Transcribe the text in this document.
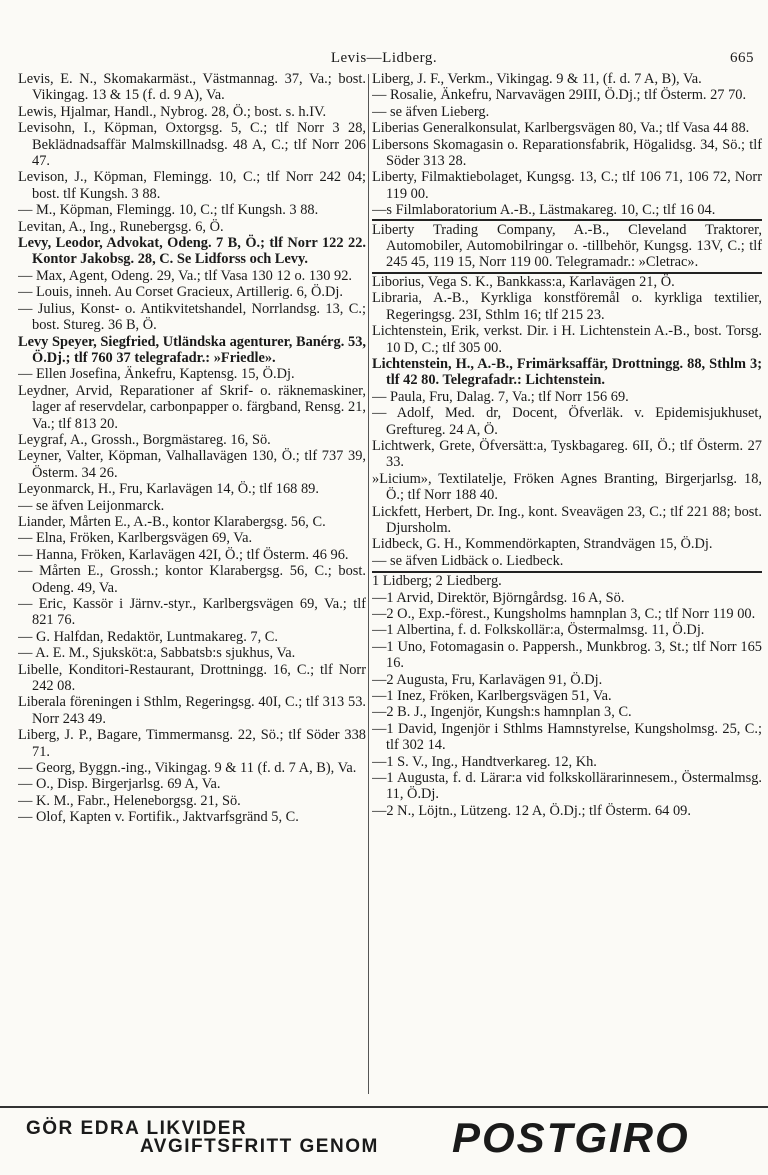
Levis—Lidberg.	665

Levis, E. N., Skomakarmäst., Västmannag. 37, Va.; bost. Vikingag. 13 & 15 (f. d. 9 A), Va.

Lewis, Hjalmar, Handl., Nybrog. 28, Ö.; bost. s. h.IV.

Levisohn, I., Köpman, Oxtorgsg. 5, C.; tlf Norr 3 28, Beklädnadsaffär Malmskillnadsg. 48 A, C.; tlf Norr 206 47.

Levison, J., Köpman, Flemingg. 10, C.; tlf Norr 242 04; bost. tlf Kungsh. 3 88.

— M., Köpman, Flemingg. 10, C.; tlf Kungsh. 3 88.

Levitan, A., Ing., Runebergsg. 6, Ö.

Levy, Leodor, Advokat, Odeng. 7 B, Ö.; tlf Norr 122 22. Kontor Jakobsg. 28, C. Se Lidforss och Levy.

— Max, Agent, Odeng. 29, Va.; tlf Vasa 130 12 o. 130 92.

— Louis, inneh. Au Corset Gracieux, Artillerig. 6, Ö.Dj.

— Julius, Konst- o. Antikvitetshandel, Norrlandsg. 13, C.; bost. Stureg. 36 B, Ö.

Levy Speyer, Siegfried, Utländska agenturer, Banérg. 53, Ö.Dj.; tlf 760 37 telegrafadr.: »Friedle».

— Ellen Josefina, Änkefru, Kaptensg. 15, Ö.Dj.

Leydner, Arvid, Reparationer af Skrif- o. räknemaskiner, lager af reservdelar, carbonpapper o. färgband, Rensg. 21, Va.; tlf 813 20.

Leygraf, A., Grossh., Borgmästareg. 16, Sö.

Leyner, Valter, Köpman, Valhallavägen 130, Ö.; tlf 737 39, Österm. 34 26.

Leyonmarck, H., Fru, Karlavägen 14, Ö.; tlf 168 89.

— se äfven Leijonmarck.

Liander, Mårten E., A.-B., kontor Klarabergsg. 56, C.

— Elna, Fröken, Karlbergsvägen 69, Va.

— Hanna, Fröken, Karlavägen 42I, Ö.; tlf Österm. 46 96.

— Mårten E., Grossh.; kontor Klarabergsg. 56, C.; bost. Odeng. 49, Va.

— Eric, Kassör i Järnv.-styr., Karlbergsvägen 69, Va.; tlf 821 76.

— G. Halfdan, Redaktör, Luntmakareg. 7, C.

— A. E. M., Sjuksköt:a, Sabbatsb:s sjukhus, Va.

Libelle, Konditori-Restaurant, Drottningg. 16, C.; tlf Norr 242 08.

Liberala föreningen i Sthlm, Regeringsg. 40I, C.; tlf 313 53. Norr 243 49.

Liberg, J. P., Bagare, Timmermansg. 22, Sö.; tlf Söder 338 71.

— Georg, Byggn.-ing., Vikingag. 9 & 11 (f. d. 7 A, B), Va.

— O., Disp. Birgerjarlsg. 69 A, Va.

— K. M., Fabr., Heleneborgsg. 21, Sö.

— Olof, Kapten v. Fortifik., Jaktvarfsgränd 5, C.

Liberg, J. F., Verkm., Vikingag. 9 & 11, (f. d. 7 A, B), Va.

— Rosalie, Änkefru, Narvavägen 29III, Ö.Dj.; tlf Österm. 27 70.

— se äfven Lieberg.

Liberias Generalkonsulat, Karlbergsvägen 80, Va.; tlf Vasa 44 88.

Libersons Skomagasin o. Reparationsfabrik, Högalidsg. 34, Sö.; tlf Söder 313 28.

Liberty, Filmaktiebolaget, Kungsg. 13, C.; tlf 106 71, 106 72, Norr 119 00.

—s Filmlaboratorium A.-B., Lästmakareg. 10, C.; tlf 16 04.

Liberty Trading Company, A.-B., Cleveland Traktorer, Automobiler, Automobilringar o. -tillbehör, Kungsg. 13V, C.; tlf 245 45, 119 15, Norr 119 00. Telegramadr.: »Cletrac».

Liborius, Vega S. K., Bankkass:a, Karlavägen 21, Ö.

Libraria, A.-B., Kyrkliga konstföremål o. kyrkliga textilier, Regeringsg. 23I, Sthlm 16; tlf 215 23.

Lichtenstein, Erik, verkst. Dir. i H. Lichtenstein A.-B., bost. Torsg. 10 D, C.; tlf 305 00.

Lichtenstein, H., A.-B., Frimärksaffär, Drottningg. 88, Sthlm 3; tlf 42 80. Telegrafadr.: Lichtenstein.

— Paula, Fru, Dalag. 7, Va.; tlf Norr 156 69.

— Adolf, Med. dr, Docent, Öfverläk. v. Epidemisjukhuset, Greftureg. 24 A, Ö.

Lichtwerk, Grete, Öfversätt:a, Tyskbagareg. 6II, Ö.; tlf Österm. 27 33.

»Licium», Textilatelje, Fröken Agnes Branting, Birgerjarlsg. 18, Ö.; tlf Norr 188 40.

Lickfett, Herbert, Dr. Ing., kont. Sveavägen 23, C.; tlf 221 88; bost. Djursholm.

Lidbeck, G. H., Kommendörkapten, Strandvägen 15, Ö.Dj.

— se äfven Lidbäck o. Liedbeck.

1 Lidberg; 2 Liedberg.

—1 Arvid, Direktör, Björngårdsg. 16 A, Sö.

—2 O., Exp.-förest., Kungsholms hamnplan 3, C.; tlf Norr 119 00.

—1 Albertina, f. d. Folkskollär:a, Östermalmsg. 11, Ö.Dj.

—1 Uno, Fotomagasin o. Pappersh., Munkbrog. 3, St.; tlf Norr 165 16.

—2 Augusta, Fru, Karlavägen 91, Ö.Dj.

—1 Inez, Fröken, Karlbergsvägen 51, Va.

—2 B. J., Ingenjör, Kungsh:s hamnplan 3, C.

—1 David, Ingenjör i Sthlms Hamnstyrelse, Kungsholmsg. 25, C.; tlf 302 14.

—1 S. V., Ing., Handtverkareg. 12, Kh.

—1 Augusta, f. d. Lärar:a vid folkskollärarinnesem., Östermalmsg. 11, Ö.Dj.

—2 N., Löjtn., Lützeng. 12 A, Ö.Dj.; tlf Österm. 64 09.

GÖR EDRA LIKVIDER
AVGIFTSFRITT GENOM POSTGIRO
